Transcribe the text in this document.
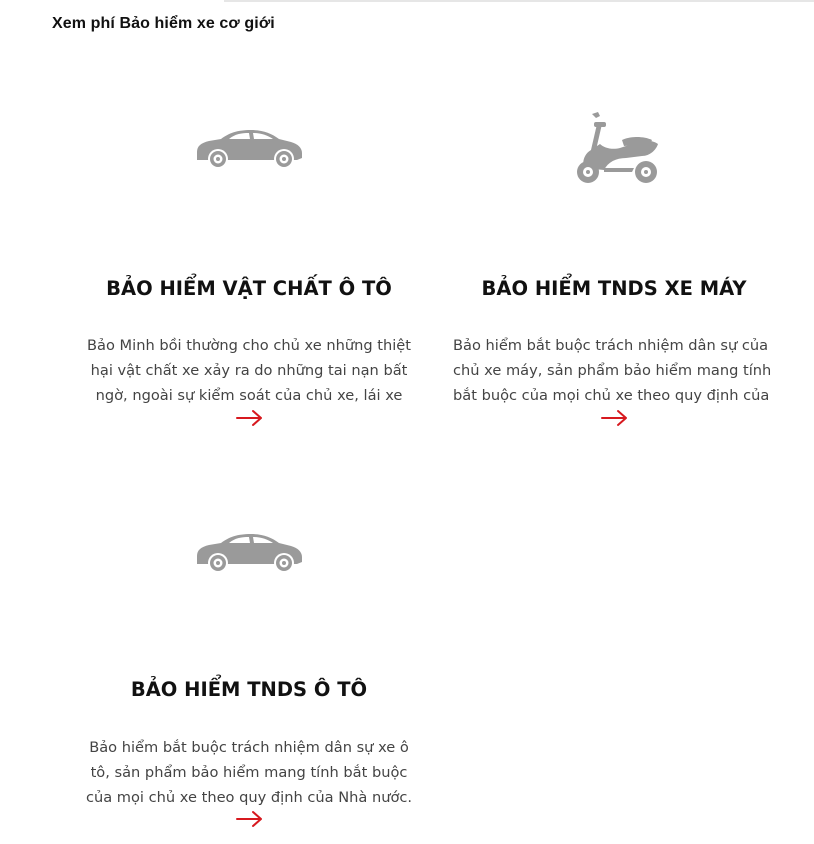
Xem phí Bảo hiểm xe cơ giới
BẢO HIỂM VẬT CHẤT Ô TÔ

Bảo Minh bồi thường cho chủ xe những thiệt hại vật chất xe xảy ra do những tai nạn bất ngờ, ngoài sự kiểm soát của chủ xe, lái xe

BẢO HIỂM TNDS XE MÁY

Bảo hiểm bắt buộc trách nhiệm dân sự của chủ xe máy, sản phẩm bảo hiểm mang tính bắt buộc của mọi chủ xe theo quy định của

BẢO HIỂM TNDS Ô TÔ

Bảo hiểm bắt buộc trách nhiệm dân sự xe ô tô, sản phẩm bảo hiểm mang tính bắt buộc của mọi chủ xe theo quy định của Nhà nước.
